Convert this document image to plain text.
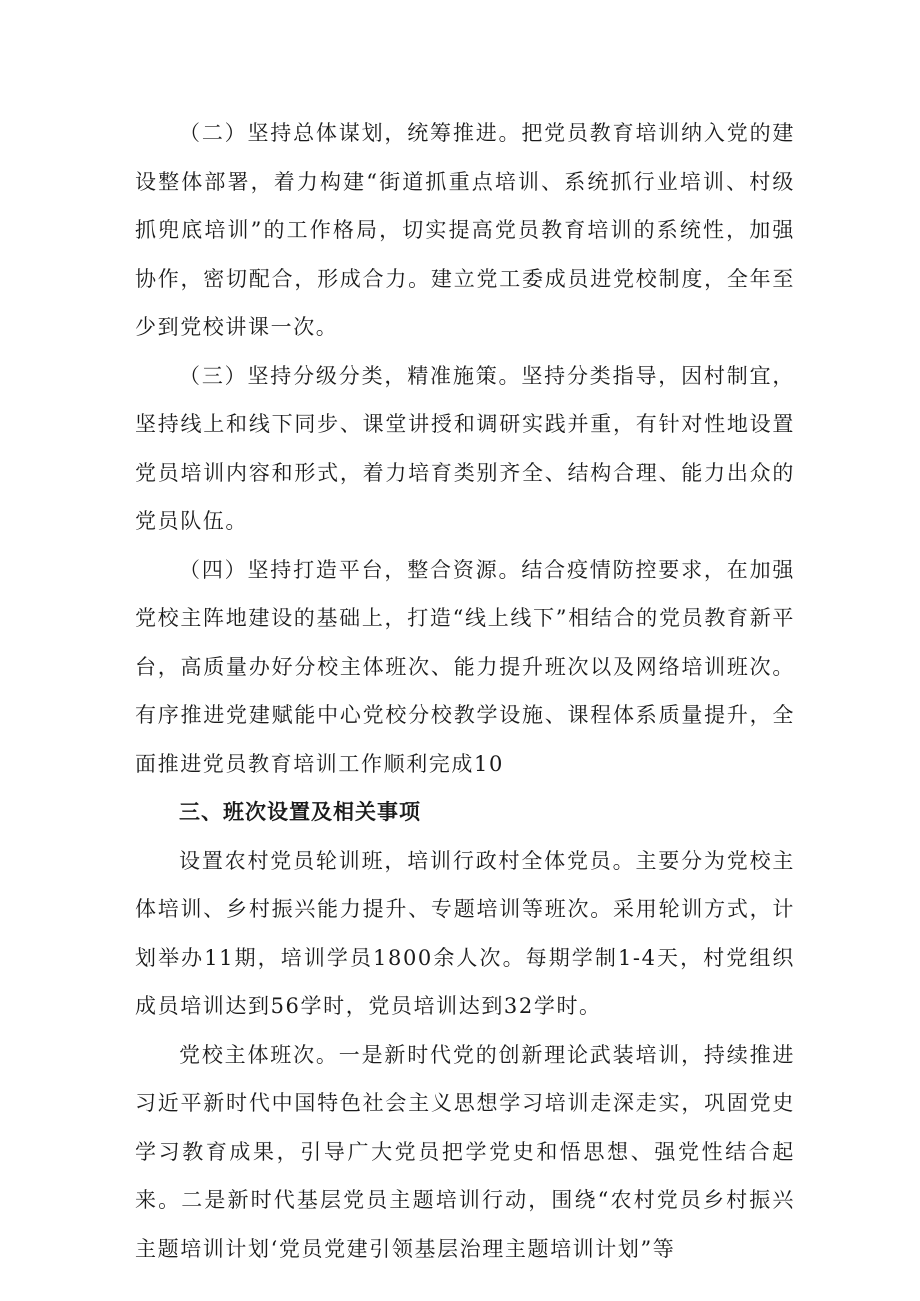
（二）坚持总体谋划，统筹推进。把党员教育培训纳入党的建设整体部署，着力构建“街道抓重点培训、系统抓行业培训、村级抓兜底培训”的工作格局，切实提高党员教育培训的系统性，加强协作，密切配合，形成合力。建立党工委成员进党校制度，全年至少到党校讲课一次。

（三）坚持分级分类，精准施策。坚持分类指导，因村制宜，坚持线上和线下同步、课堂讲授和调研实践并重，有针对性地设置党员培训内容和形式，着力培育类别齐全、结构合理、能力出众的党员队伍。

（四）坚持打造平台，整合资源。结合疫情防控要求，在加强党校主阵地建设的基础上，打造“线上线下”相结合的党员教育新平台，高质量办好分校主体班次、能力提升班次以及网络培训班次。有序推进党建赋能中心党校分校教学设施、课程体系质量提升，全面推进党员教育培训工作顺利完成10

三、班次设置及相关事项

设置农村党员轮训班，培训行政村全体党员。主要分为党校主体培训、乡村振兴能力提升、专题培训等班次。采用轮训方式，计划举办11期，培训学员1800余人次。每期学制1-4天，村党组织成员培训达到56学时，党员培训达到32学时。

党校主体班次。一是新时代党的创新理论武装培训，持续推进习近平新时代中国特色社会主义思想学习培训走深走实，巩固党史学习教育成果，引导广大党员把学党史和悟思想、强党性结合起来。二是新时代基层党员主题培训行动，围绕“农村党员乡村振兴主题培训计划‘党员党建引领基层治理主题培训计划”等
